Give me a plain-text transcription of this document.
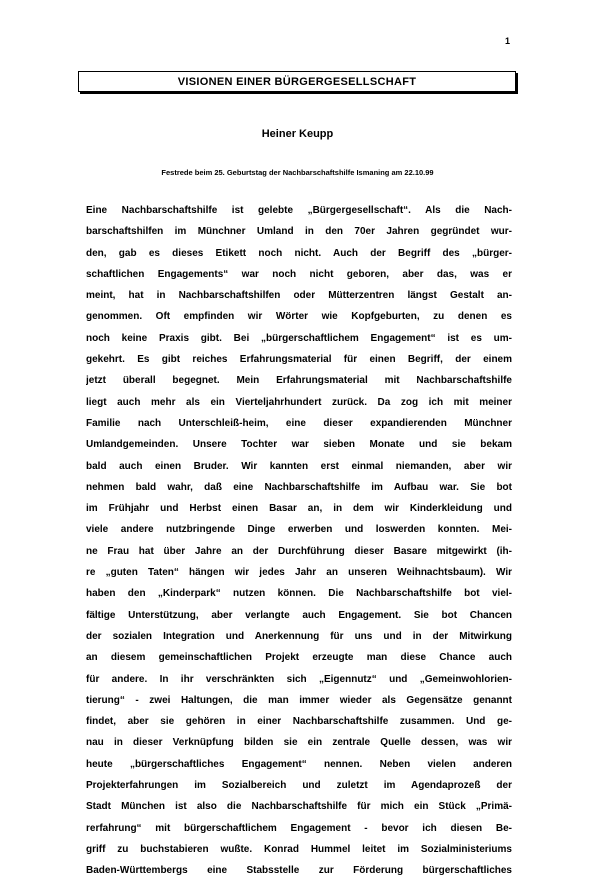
1
VISIONEN EINER BÜRGERGESELLSCHAFT
Heiner Keupp
Festrede beim 25. Geburtstag der Nachbarschaftshilfe Ismaning am 22.10.99
Eine Nachbarschaftshilfe ist gelebte „Bürgergesellschaft“. Als die Nach-
barschaftshilfen im Münchner Umland in den 70er Jahren gegründet wur-
den, gab es dieses Etikett noch nicht. Auch der Begriff des „bürger-
schaftlichen Engagements“ war noch nicht geboren, aber das, was er
meint, hat in Nachbarschaftshilfen oder Mütterzentren längst Gestalt an-
genommen. Oft empfinden wir Wörter wie Kopfgeburten, zu denen es
noch keine Praxis gibt. Bei „bürgerschaftlichem Engagement“ ist es um-
gekehrt. Es gibt reiches Erfahrungsmaterial für einen Begriff, der einem
jetzt überall begegnet. Mein Erfahrungsmaterial mit Nachbarschaftshilfe
liegt auch mehr als ein Vierteljahrhundert zurück. Da zog ich mit meiner
Familie nach Unterschleiß-heim, eine dieser expandierenden Münchner
Umlandgemeinden. Unsere Tochter war sieben Monate und sie bekam
bald auch einen Bruder. Wir kannten erst einmal niemanden, aber wir
nehmen bald wahr, daß eine Nachbarschaftshilfe im Aufbau war. Sie bot
im Frühjahr und Herbst einen Basar an, in dem wir Kinderkleidung und
viele andere nutzbringende Dinge erwerben und loswerden konnten. Mei-
ne Frau hat über Jahre an der Durchführung dieser Basare mitgewirkt (ih-
re „guten Taten“ hängen wir jedes Jahr an unseren Weihnachtsbaum). Wir
haben den „Kinderpark“ nutzen können. Die Nachbarschaftshilfe bot viel-
fältige Unterstützung, aber verlangte auch Engagement. Sie bot Chancen
der sozialen Integration und Anerkennung für uns und in der Mitwirkung
an diesem gemeinschaftlichen Projekt erzeugte man diese Chance auch
für andere. In ihr verschränkten sich „Eigennutz“ und „Gemeinwohlorien-
tierung“ - zwei Haltungen, die man immer wieder als Gegensätze genannt
findet, aber sie gehören in einer Nachbarschaftshilfe zusammen. Und ge-
nau in dieser Verknüpfung bilden sie ein zentrale Quelle dessen, was wir
heute „bürgerschaftliches Engagement“ nennen. Neben vielen anderen
Projekterfahrungen im Sozialbereich und zuletzt im Agendaprozeß der
Stadt München ist also die Nachbarschaftshilfe für mich ein Stück „Primä-
rerfahrung“ mit bürgerschaftlichem Engagement - bevor ich diesen Be-
griff zu buchstabieren wußte. Konrad Hummel leitet im Sozialministeriums
Baden-Württembergs eine Stabsstelle zur Förderung bürgerschaftliches
